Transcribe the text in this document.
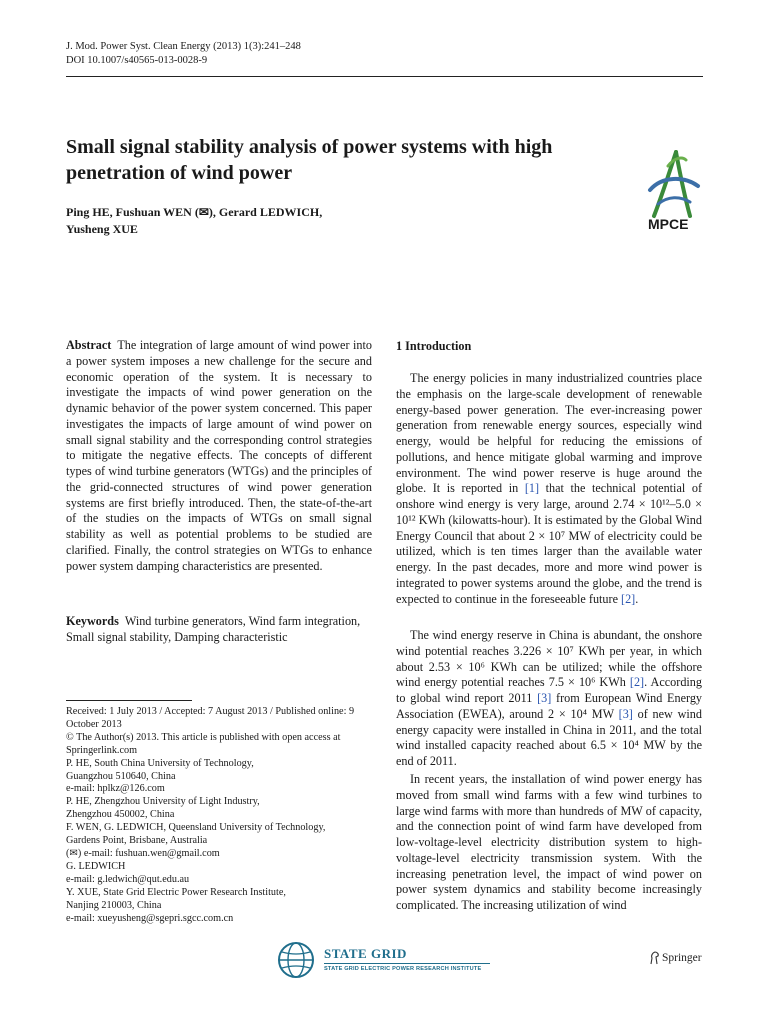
J. Mod. Power Syst. Clean Energy (2013) 1(3):241–248
DOI 10.1007/s40565-013-0028-9
Small signal stability analysis of power systems with high
penetration of wind power
Ping HE, Fushuan WEN (✉), Gerard LEDWICH,
Yusheng XUE	MPCE
Abstract The integration of large amount of wind power into a power system imposes a new challenge for the secure and economic operation of the system. It is necessary to investigate the impacts of wind power generation on the dynamic behavior of the power system concerned. This paper investigates the impacts of large amount of wind power on small signal stability and the corresponding control strategies to mitigate the negative effects. The concepts of different types of wind turbine generators (WTGs) and the principles of the grid-connected structures of wind power generation systems are first briefly introduced. Then, the state-of-the-art of the studies on the impacts of WTGs on small signal stability as well as potential problems to be studied are clarified. Finally, the control strategies on WTGs to enhance power system damping characteristics are presented.
Keywords Wind turbine generators, Wind farm integration, Small signal stability, Damping characteristic
Received: 1 July 2013 / Accepted: 7 August 2013 / Published online: 9 October 2013
© The Author(s) 2013. This article is published with open access at Springerlink.com
P. HE, South China University of Technology,
Guangzhou 510640, China
e-mail: hplkz@126.com
P. HE, Zhengzhou University of Light Industry,
Zhengzhou 450002, China
F. WEN, G. LEDWICH, Queensland University of Technology,
Gardens Point, Brisbane, Australia
(✉) e-mail: fushuan.wen@gmail.com
G. LEDWICH
e-mail: g.ledwich@qut.edu.au
Y. XUE, State Grid Electric Power Research Institute,
Nanjing 210003, China
e-mail: xueyusheng@sgepri.sgcc.com.cn
1 Introduction
The energy policies in many industrialized countries place the emphasis on the large-scale development of renewable energy-based power generation. The ever-increasing power generation from renewable energy sources, especially wind energy, would be helpful for reducing the emissions of pollutions, and hence mitigate global warming and improve environment. The wind power reserve is huge around the globe. It is reported in [1] that the technical potential of onshore wind energy is very large, around 2.74 × 10¹²–5.0 × 10¹² KWh (kilowatts-hour). It is estimated by the Global Wind Energy Council that about 2 × 10⁷ MW of electricity could be utilized, which is ten times larger than the available water energy. In the past decades, more and more wind power is integrated to power systems around the globe, and the trend is expected to continue in the foreseeable future [2].
The wind energy reserve in China is abundant, the onshore wind potential reaches 3.226 × 10⁷ KWh per year, in which about 2.53 × 10⁶ KWh can be utilized; while the offshore wind energy potential reaches 7.5 × 10⁶ KWh [2]. According to global wind report 2011 [3] from European Wind Energy Association (EWEA), around 2 × 10⁴ MW [3] of new wind energy capacity were installed in China in 2011, and the total wind installed capacity reached about 6.5 × 10⁴ MW by the end of 2011.
In recent years, the installation of wind power energy has moved from small wind farms with a few wind turbines to large wind farms with more than hundreds of MW of capacity, and the connection point of wind farm have developed from low-voltage-level electricity distribution system to high-voltage-level electricity transmission system. With the increasing penetration level, the impact of wind power on power system dynamics and stability become increasingly complicated. The increasing utilization of wind
STATE GRID
STATE GRID ELECTRIC POWER RESEARCH INSTITUTE
Springer
